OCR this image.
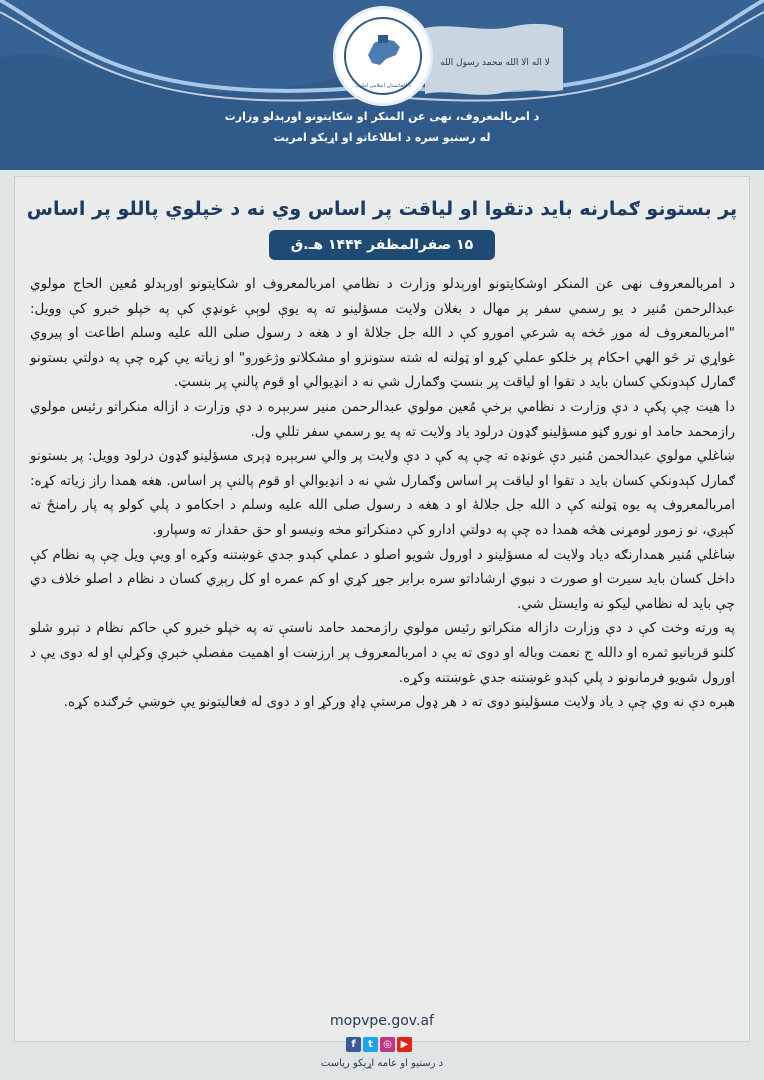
لا اله الا الله محمد رسول الله
د افغانستان اسلامي امارت
د امربالمعروف، نهی عن المنکر او شکایتونو اورېدلو وزارت
له رسنیو سره د اطلاعاتو او اړیکو امریت
پر بستونو ګمارنه باید دتقوا او لیاقت پر اساس وي نه د خپلوي پاللو پر اساس
۱۵ صفرالمظفر ۱۴۴۴ هـ.ق

د امربالمعروف نهی عن المنکر اوشکایتونو اورېدلو وزارت د نظامي امربالمعروف او شکایتونو اورېدلو مُعین الحاج مولوي عبدالرحمن مُنیر د یو رسمي سفر پر مهال د بغلان ولایت مسؤلینو ته په یوې لوېې غونډې کې په خپلو خبرو کې وویل: "امربالمعروف له موږ څخه په شرعي امورو کې د الله جل جلالهٔ او د هغه د رسول صلی الله علیه وسلم اطاعت او پیروي غواړي تر څو الهي احکام پر خلکو عملي کړو او ټولنه له شته ستونزو او مشکلاتو وژغورو" او زیاته یې کړه چې په دولتي بستونو ګمارل کېدونکي کسان باید د تقوا او لیاقت پر بنسټ وګمارل شي نه د انډیوالي او قوم پالنې پر بنسټ.

دا هیت چې پکې د دې وزارت د نظامي برخې مُعین مولوي عبدالرحمن منیر سربېره د دې وزارت د ازاله منکراتو رئیس مولوي رازمحمد حامد او نورو ګڼو مسؤلینو ګډون درلود یاد ولایت ته په یو رسمي سفر تللي ول.

ښاغلي مولوي عبدالحمن مُنیر دې غونډه ته چې په کې د دې ولایت پر والي سربېره ډېری مسؤلینو ګډون درلود وویل: پر بستونو ګمارل کېدونکي کسان باید د تقوا او لیاقت پر اساس وګمارل شي نه د انډیوالي او قوم پالنې پر اساس. هغه همدا راز زیاته کړه: امربالمعروف په یوه ټولنه کې د الله جل جلالهٔ او د هغه د رسول صلی الله علیه وسلم د احکامو د پلي کولو په پار رامنځ ته کېږي، نو زموږ لومړنی هڅه همدا ده چې په دولتي ادارو کې دمنکراتو مخه ونیسو او حق حقدار ته وسپارو.

ښاغلي مُنیر همدارنګه دیاد ولایت له مسؤلینو د اورول شویو اصلو د عملي کېدو جدي غوښتنه وکړه او ویې ویل چې په نظام کې داخل کسان باید سیرت او صورت د نبوي ارشاداتو سره برابر جوړ کړي او کم عمره او کل رېږي کسان د نظام د اصلو خلاف دي چې باید له نظامي لیکو نه وایستل شي.

په ورته وخت کې د دې وزارت دازاله منکراتو رئیس مولوي رازمحمد حامد ناستې ته په خپلو خبرو کې حاکم نظام د تېرو شلو کلنو قربانیو ثمره او دالله ج نعمت وباله او دوی ته یې د امربالمعروف پر ارزښت او اهمیت مفصلې خبرې وکړلې او له دوی یې د اورول شویو فرمانونو د پلي کېدو غوښتنه جدي غوښتنه وکړه.

هېره دې نه وي چې د یاد ولایت مسؤلینو دوی ته د هر ډول مرستې ډاډ ورکړ او د دوی له فعالیتونو یې خوښي څرګنده کړه.

mopvpe.gov.af
f	t	◎ ▶
د رسنیو او عامه اړیکو ریاست
